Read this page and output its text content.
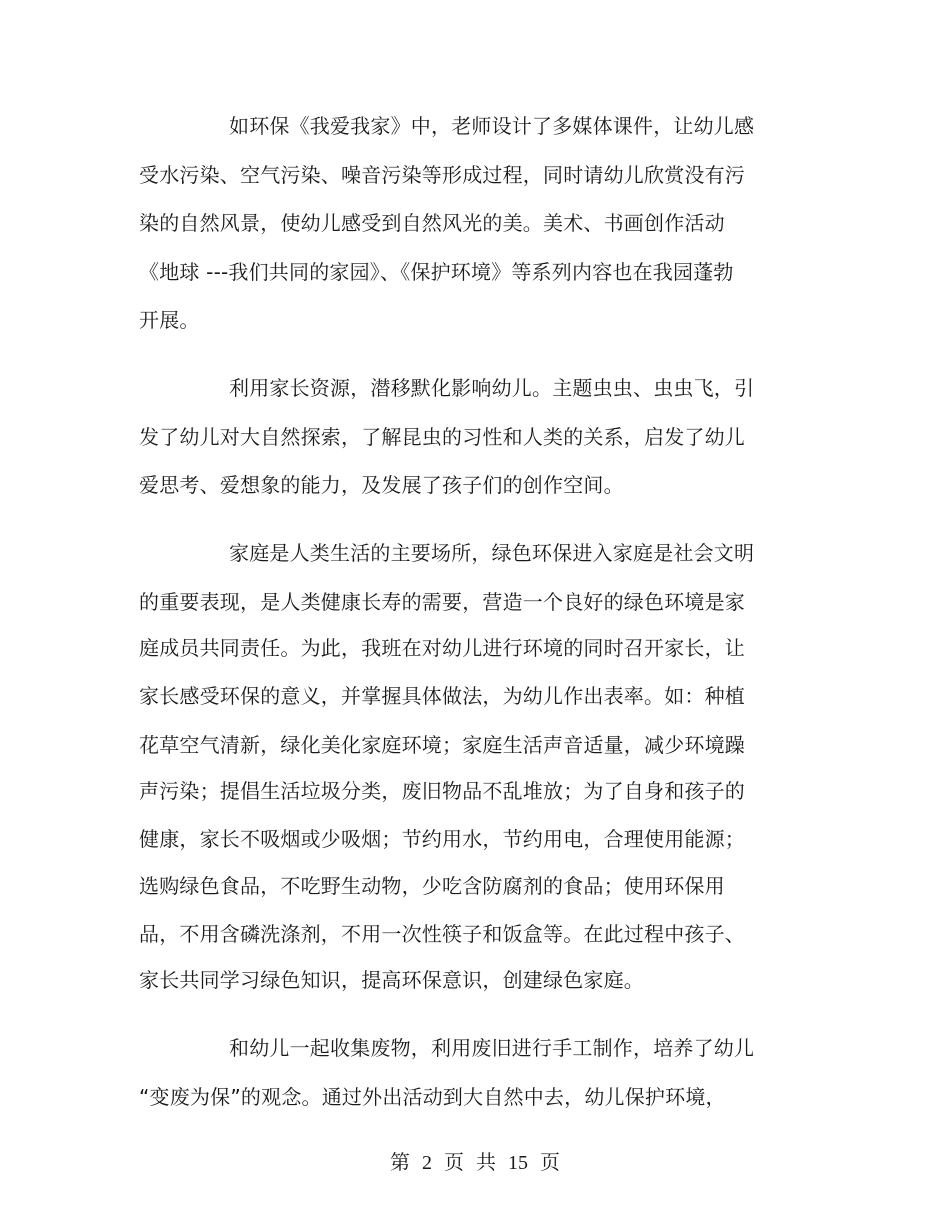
如环保《我爱我家》中，老师设计了多媒体课件，让幼儿感
受水污染、空气污染、噪音污染等形成过程，同时请幼儿欣赏没有污
染的自然风景，使幼儿感受到自然风光的美。美术、书画创作活动
《地球 ---我们共同的家园》、《保护环境》等系列内容也在我园蓬勃
开展。
利用家长资源，潜移默化影响幼儿。主题虫虫、虫虫飞，引
发了幼儿对大自然探索，了解昆虫的习性和人类的关系，启发了幼儿
爱思考、爱想象的能力，及发展了孩子们的创作空间。
家庭是人类生活的主要场所，绿色环保进入家庭是社会文明
的重要表现，是人类健康长寿的需要，营造一个良好的绿色环境是家
庭成员共同责任。为此，我班在对幼儿进行环境的同时召开家长，让
家长感受环保的意义，并掌握具体做法，为幼儿作出表率。如：种植
花草空气清新，绿化美化家庭环境；家庭生活声音适量，减少环境躁
声污染；提倡生活垃圾分类，废旧物品不乱堆放；为了自身和孩子的
健康，家长不吸烟或少吸烟；节约用水，节约用电，合理使用能源；
选购绿色食品，不吃野生动物，少吃含防腐剂的食品；使用环保用
品，不用含磷洗涤剂，不用一次性筷子和饭盒等。在此过程中孩子、
家长共同学习绿色知识，提高环保意识，创建绿色家庭。
和幼儿一起收集废物，利用废旧进行手工制作，培养了幼儿
“变废为保”的观念。通过外出活动到大自然中去，幼儿保护环境，
第 2 页 共 15 页
